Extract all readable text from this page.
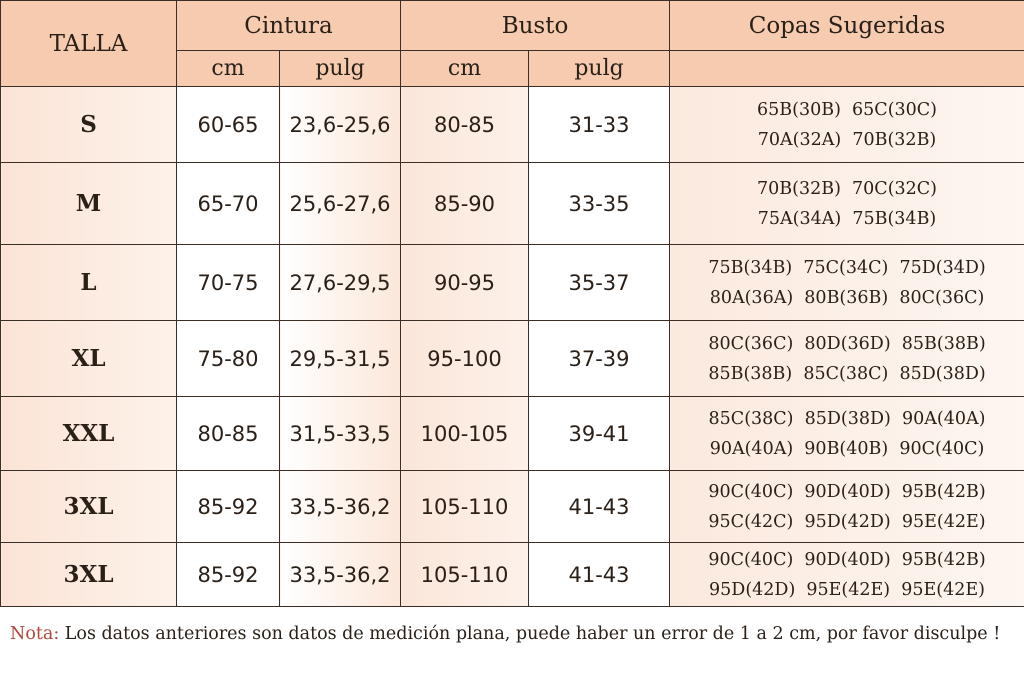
TALLA	Cintura		Busto		Copas Sugeridas
	cm	pulg	cm	pulg	
S	60-65	23,6-25,6	80-85	31-33	65B(30B)  65C(30C)
70A(32A)  70B(32B)

M	65-70	25,6-27,6	85-90	33-35	70B(32B)  70C(32C)
75A(34A)  75B(34B)

L	70-75	27,6-29,5	90-95	35-37	75B(34B)  75C(34C)  75D(34D)
80A(36A)  80B(36B)  80C(36C)

XL	75-80	29,5-31,5	95-100	37-39	80C(36C)  80D(36D)  85B(38B)
85B(38B)  85C(38C)  85D(38D)

XXL	80-85	31,5-33,5	100-105	39-41	85C(38C)  85D(38D)  90A(40A)
90A(40A)  90B(40B)  90C(40C)

3XL	85-92	33,5-36,2	105-110	41-43	90C(40C)  90D(40D)  95B(42B)
95C(42C)  95D(42D)  95E(42E)

3XL	85-92	33,5-36,2	105-110	41-43	90C(40C)  90D(40D)  95B(42B)
95D(42D)  95E(42E)  95E(42E)
Nota: Los datos anteriores son datos de medición plana, puede haber un error de 1 a 2 cm, por favor disculpe !
